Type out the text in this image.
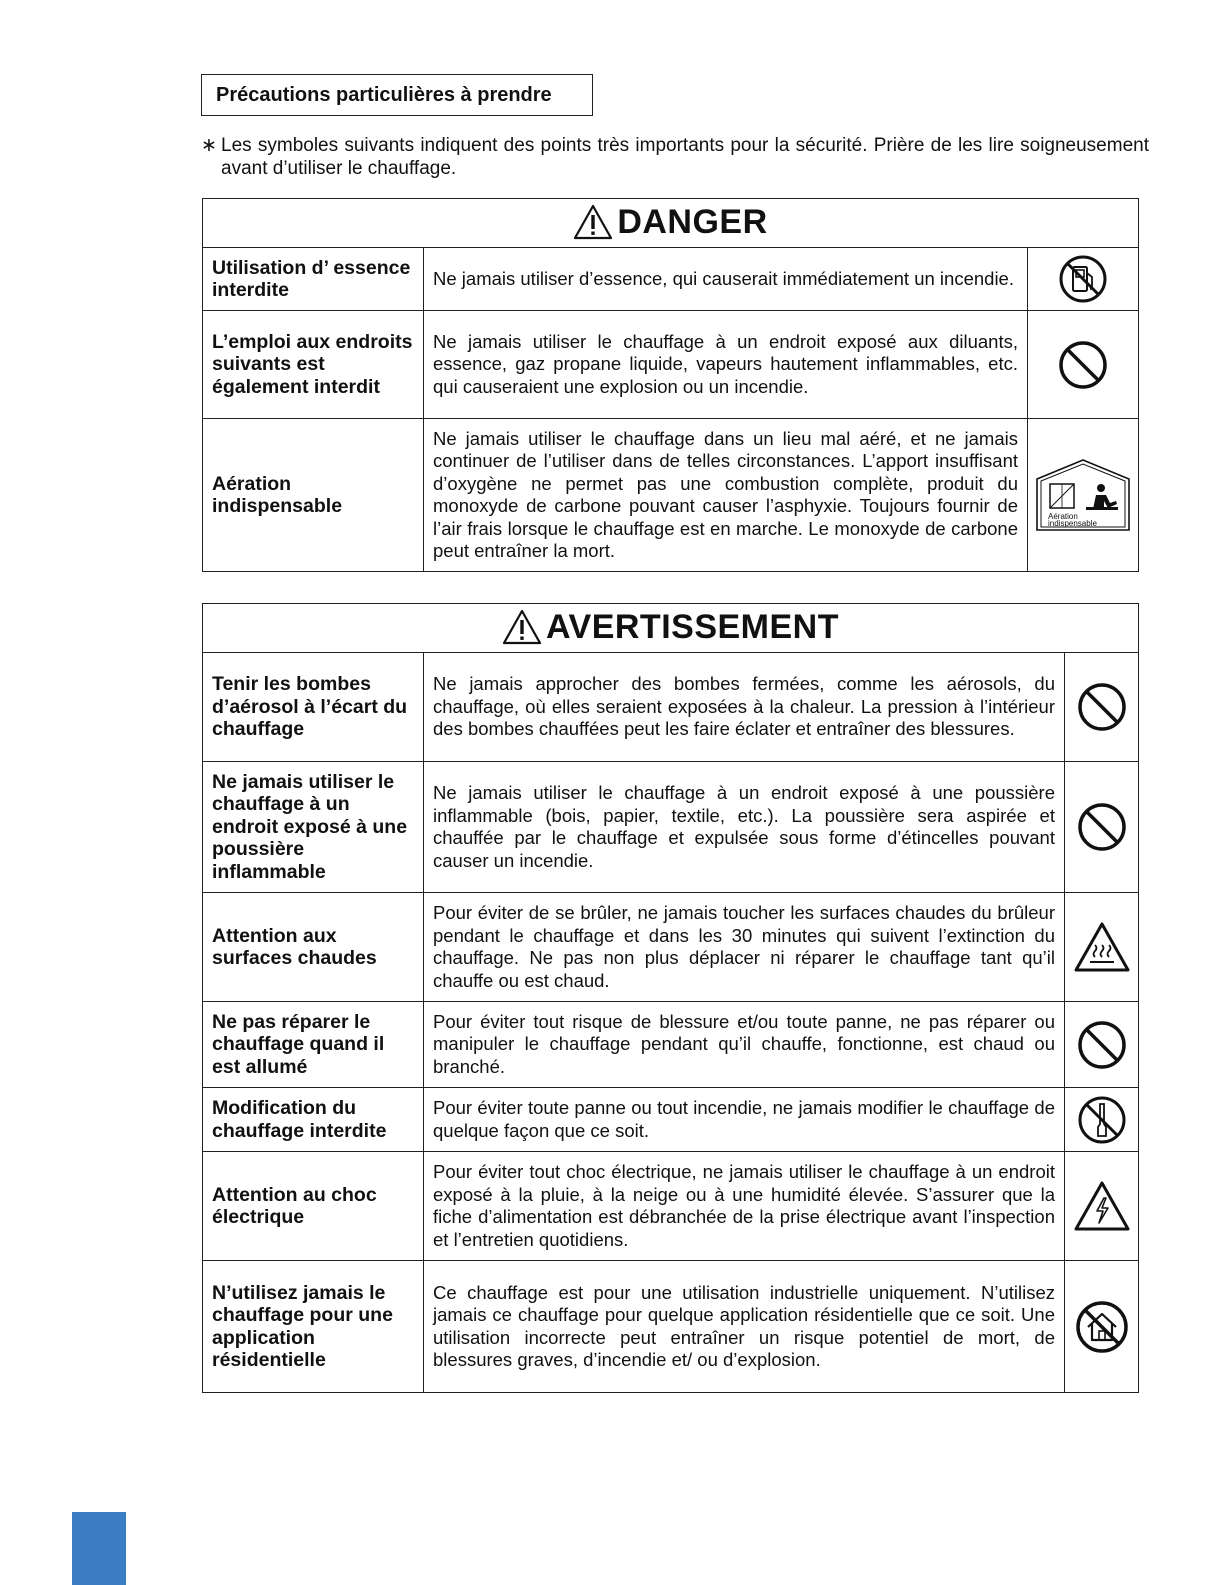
Précautions particulières à prendre
∗ Les symboles suivants indiquent des points très importants pour la sécurité. Prière de les lire soigneusement avant d’utiliser le chauffage.
DANGER		
Utilisation d’ essence interdite	Ne jamais utiliser d’essence, qui causerait immédiatement un incendie.	

L’emploi aux endroits suivants est également interdit	Ne jamais utiliser le chauffage à un endroit exposé aux diluants, essence, gaz propane liquide, vapeurs hautement inflammables, etc. qui causeraient une explosion ou un incendie.	

Aération indispensable	Ne jamais utiliser le chauffage dans un lieu mal aéré, et ne jamais continuer de l’utiliser dans de telles circonstances. L’apport insuffisant d’oxygène ne permet pas une combustion complète, produit du monoxyde de carbone pouvant causer l’asphyxie. Toujours fournir de l’air frais lorsque le chauffage est en marche. Le monoxyde de carbone peut entraîner la mort.	Aération
indispensable
AVERTISSEMENT		
Tenir les bombes d’aérosol à l’écart du chauffage	Ne jamais approcher des bombes fermées, comme les aérosols, du chauffage, où elles seraient exposées à la chaleur. La pression à l’intérieur des bombes chauffées peut les faire éclater et entraîner des blessures.	

Ne jamais utiliser le chauffage à un endroit exposé à une poussière inflammable	Ne jamais utiliser le chauffage à un endroit exposé à une poussière inflammable (bois, papier, textile, etc.). La poussière sera aspirée et chauffée par le chauffage et expulsée sous forme d’étincelles pouvant causer un incendie.	

Attention aux surfaces chaudes	Pour éviter de se brûler, ne jamais toucher les surfaces chaudes du brûleur pendant le chauffage et dans les 30 minutes qui suivent l’extinction du chauffage. Ne pas non plus déplacer ni réparer le chauffage tant qu’il chauffe ou est chaud.	

Ne pas réparer le chauffage quand il est allumé	Pour éviter tout risque de blessure et/ou toute panne, ne pas réparer ou manipuler le chauffage pendant qu’il chauffe, fonctionne, est chaud ou branché.	

Modification du chauffage interdite	Pour éviter toute panne ou tout incendie, ne jamais modifier le chauffage de quelque façon que ce soit.	

Attention au choc électrique	Pour éviter tout choc électrique, ne jamais utiliser le chauffage à un endroit exposé à la pluie, à la neige ou à une humidité élevée. S’assurer que la fiche d’alimentation est débranchée de la prise électrique avant l’inspection et l’entretien quotidiens.	

N’utilisez jamais le chauffage pour une application résidentielle	Ce chauffage est pour une utilisation industrielle uniquement. N’utilisez jamais ce chauffage pour quelque application résidentielle que ce soit. Une utilisation incorrecte peut entraîner un risque potentiel de mort, de blessures graves, d’incendie et/ ou d’explosion.	
